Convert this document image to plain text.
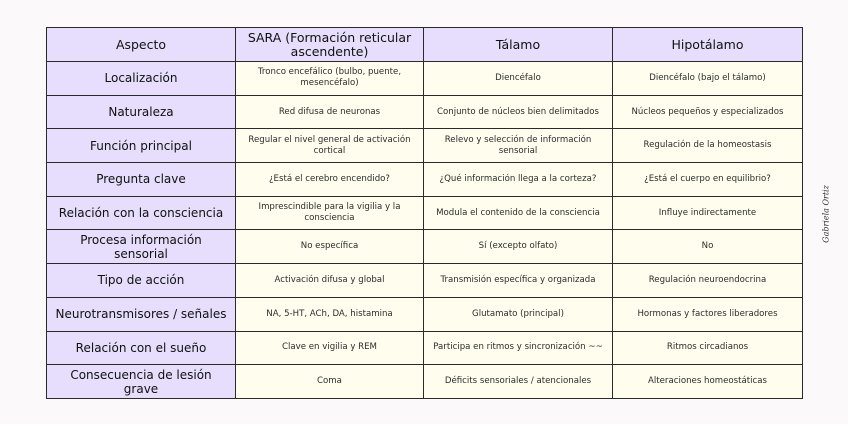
Aspecto	SARA (Formación reticular ascendente)	Tálamo	Hipotálamo
Localización	Tronco encefálico (bulbo, puente, mesencéfalo)	Diencéfalo	Diencéfalo (bajo el tálamo)
Naturaleza	Red difusa de neuronas	Conjunto de núcleos bien delimitados	Núcleos pequeños y especializados
Función principal	Regular el nivel general de activación cortical	Relevo y selección de información sensorial	Regulación de la homeostasis
Pregunta clave	¿Está el cerebro encendido?	¿Qué información llega a la corteza?	¿Está el cuerpo en equilibrio?
Relación con la consciencia	Imprescindible para la vigilia y la consciencia	Modula el contenido de la consciencia	Influye indirectamente
Procesa información sensorial	No específica	Sí (excepto olfato)	No
Tipo de acción	Activación difusa y global	Transmisión específica y organizada	Regulación neuroendocrina
Neurotransmisores / señales	NA, 5-HT, ACh, DA, histamina	Glutamato (principal)	Hormonas y factores liberadores
Relación con el sueño	Clave en vigilia y REM	Participa en ritmos y sincronización ~~	Ritmos circadianos
Consecuencia de lesión grave	Coma	Déficits sensoriales / atencionales	Alteraciones homeostáticas
Gabriela Ortiz
